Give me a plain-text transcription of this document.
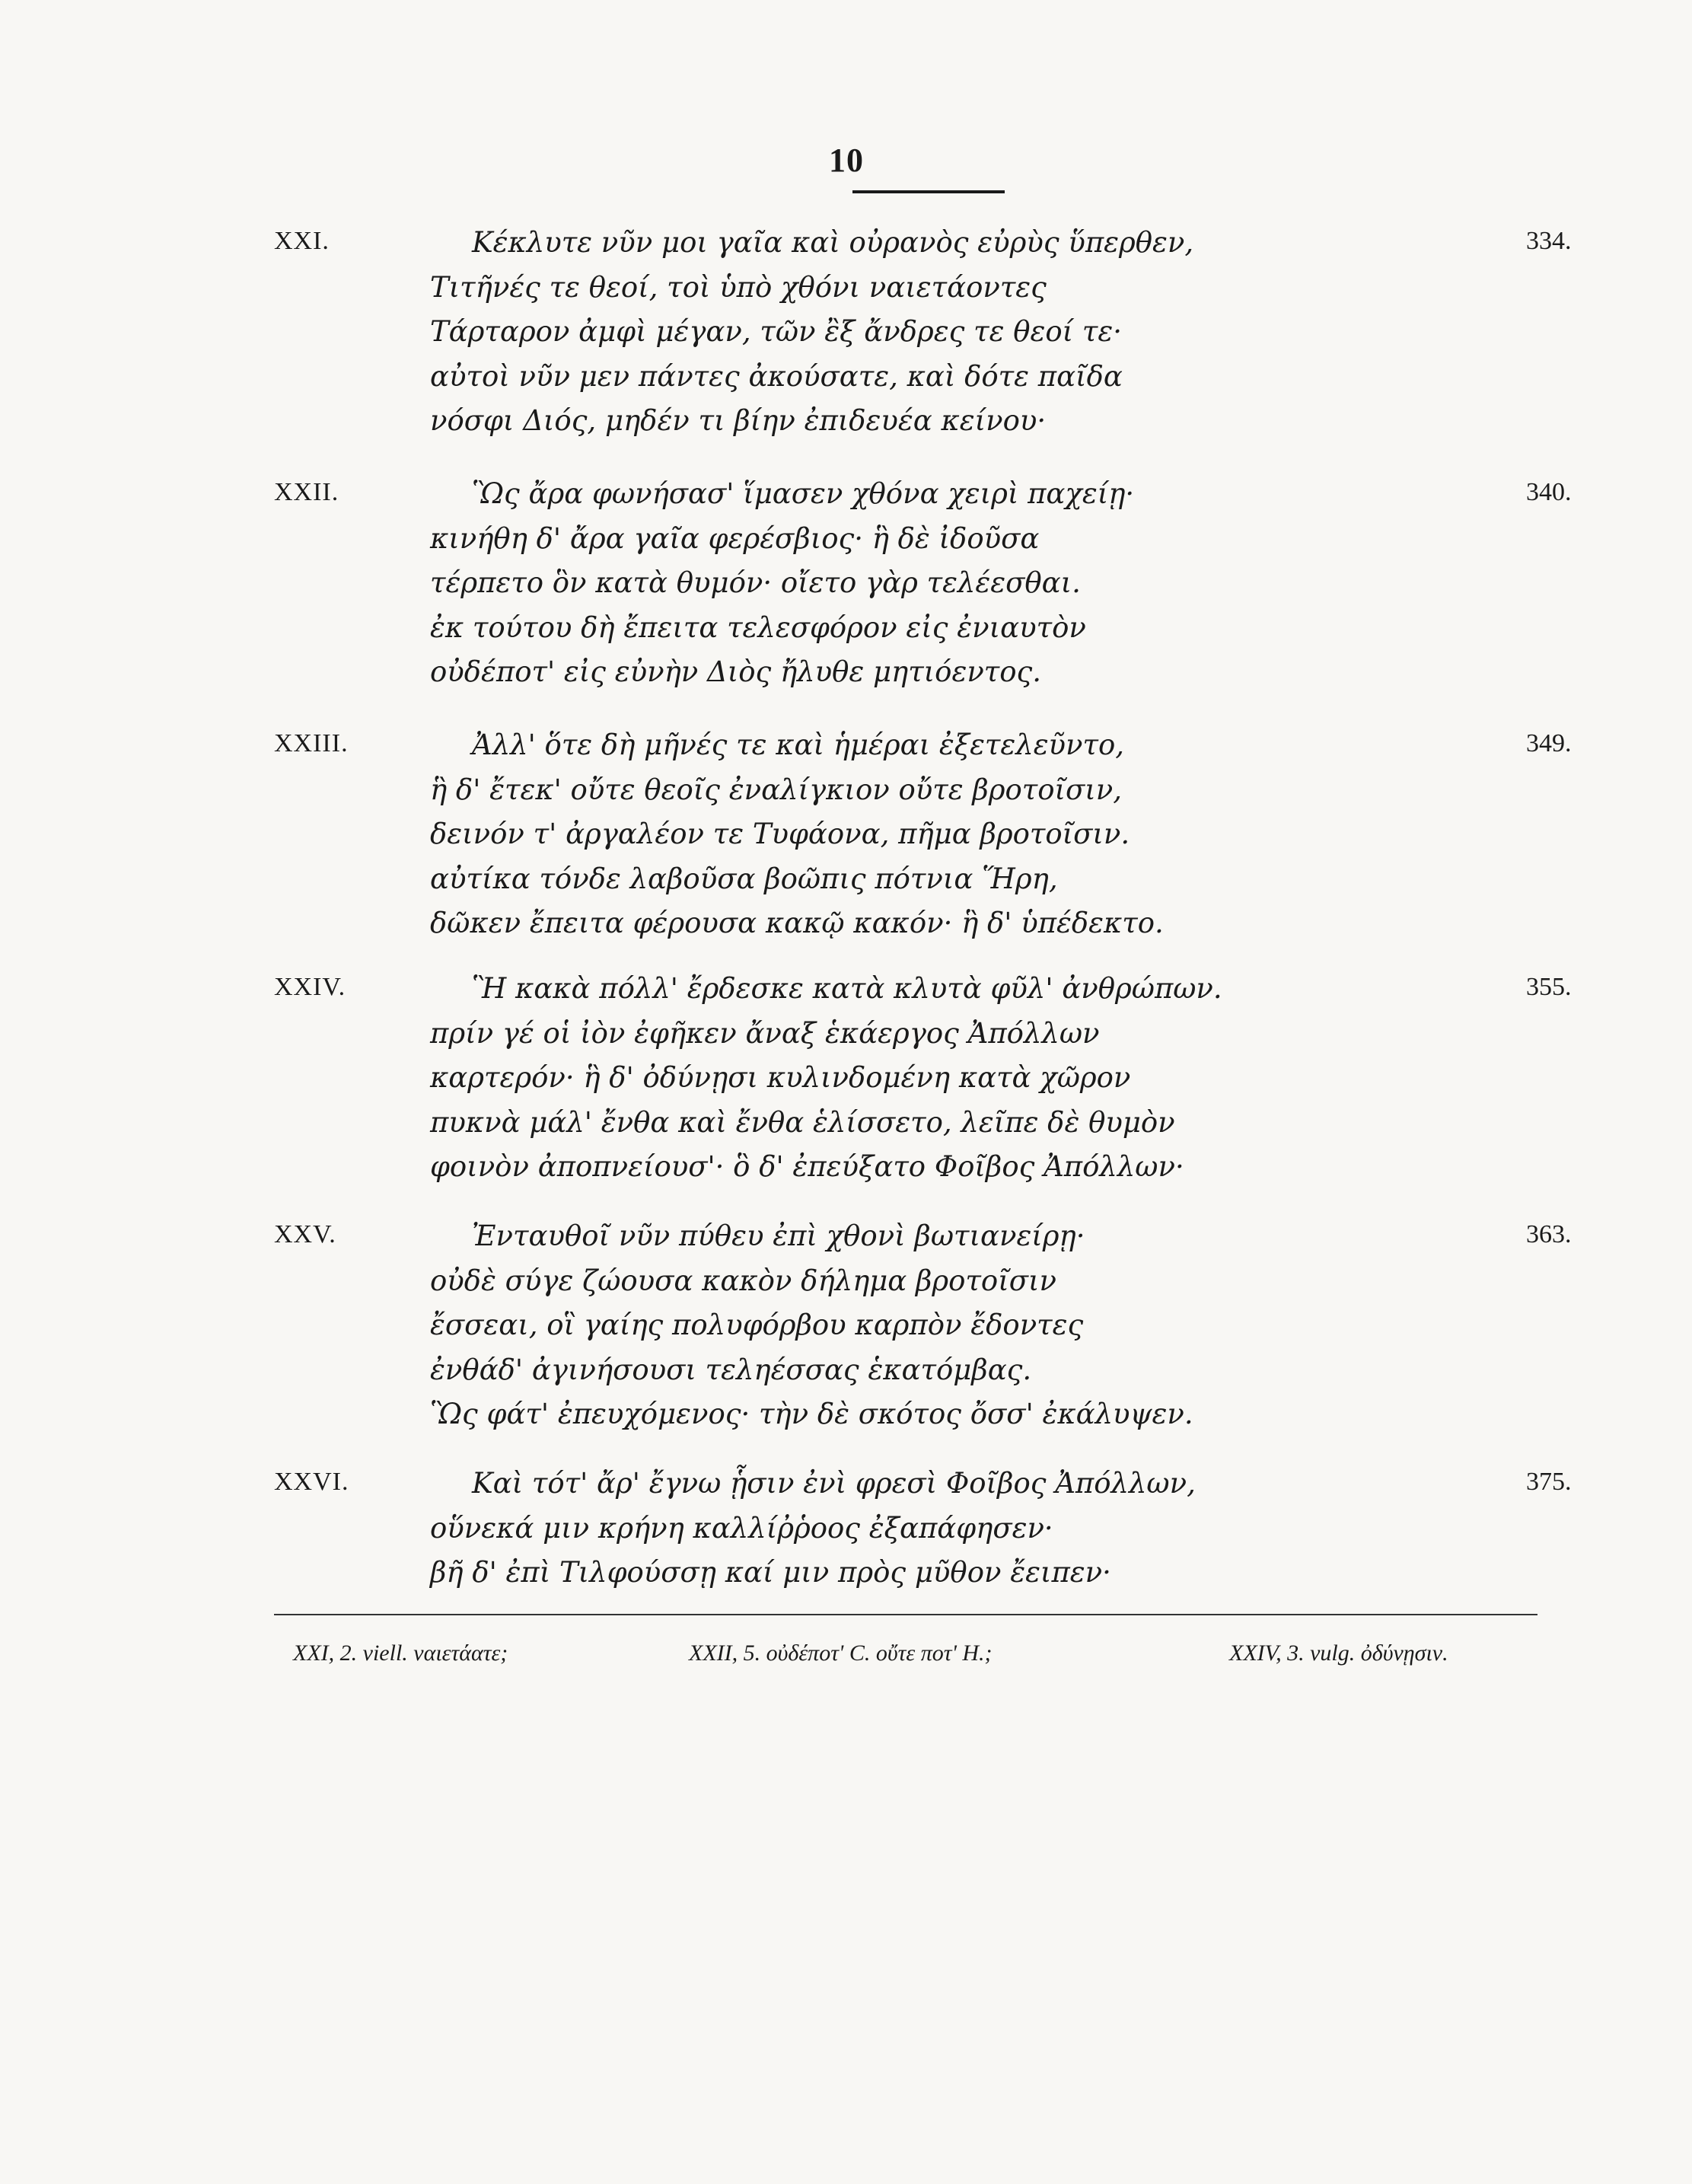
10
XXI.	334.
Κέκλυτε νῦν μοι γαῖα καὶ οὐρανὸς εὐρὺς ὕπερθεν,
Τιτῆνές τε θεοί, τοὶ ὑπὸ χθόνι ναιετάοντες
Τάρταρον ἀμφὶ μέγαν, τῶν ἒξ ἄνδρες τε θεοί τε·
αὐτοὶ νῦν μεν πάντες ἀκούσατε, καὶ δότε παῖδα
νόσφι Διός, μηδέν τι βίην ἐπιδευέα κείνου·
XXII.	340.
Ὣς ἄρα φωνήσασ' ἵμασεν χθόνα χειρὶ παχείῃ·
κινήθη δ' ἄρα γαῖα φερέσβιος· ἣ δὲ ἰδοῦσα
τέρπετο ὃν κατὰ θυμόν· οἴετο γὰρ τελέεσθαι.
ἐκ τούτου δὴ ἔπειτα τελεσφόρον εἰς ἐνιαυτὸν
οὐδέποτ' εἰς εὐνὴν Διὸς ἤλυθε μητιόεντος.
XXIII.	349.
Ἀλλ' ὅτε δὴ μῆνές τε καὶ ἡμέραι ἐξετελεῦντο,
ἣ δ' ἔτεκ' οὔτε θεοῖς ἐναλίγκιον οὔτε βροτοῖσιν,
δεινόν τ' ἀργαλέον τε Τυφάονα, πῆμα βροτοῖσιν.
αὐτίκα τόνδε λαβοῦσα βοῶπις πότνια Ἥρη,
δῶκεν ἔπειτα φέρουσα κακῷ κακόν· ἣ δ' ὑπέδεκτο.
XXIV.	355.
Ἣ κακὰ πόλλ' ἔρδεσκε κατὰ κλυτὰ φῦλ' ἀνθρώπων.
πρίν γέ οἱ ἰὸν ἐφῆκεν ἄναξ ἑκάεργος Ἀπόλλων
καρτερόν· ἣ δ' ὀδύνῃσι κυλινδομένη κατὰ χῶρον
πυκνὰ μάλ' ἔνθα καὶ ἔνθα ἑλίσσετο, λεῖπε δὲ θυμὸν
φοινὸν ἀποπνείουσ'· ὃ δ' ἐπεύξατο Φοῖβος Ἀπόλλων·
XXV.	363.
Ἐνταυθοῖ νῦν πύθευ ἐπὶ χθονὶ βωτιανείρῃ·
οὐδὲ σύγε ζώουσα κακὸν δήλημα βροτοῖσιν
ἔσσεαι, οἳ γαίης πολυφόρβου καρπὸν ἔδοντες
ἐνθάδ' ἀγινήσουσι τεληέσσας ἑκατόμβας.
Ὣς φάτ' ἐπευχόμενος· τὴν δὲ σκότος ὄσσ' ἐκάλυψεν.
XXVI.	375.
Καὶ τότ' ἄρ' ἔγνω ᾗσιν ἐνὶ φρεσὶ Φοῖβος Ἀπόλλων,
οὕνεκά μιν κρήνη καλλίῤῥοος ἐξαπάφησεν·
βῆ δ' ἐπὶ Τιλφούσσῃ καί μιν πρὸς μῦθον ἔειπεν·
XXI, 2. viell. ναιετάατε;	XXII, 5. οὐδέποτ' C. οὔτε ποτ' H.;	XXIV, 3. vulg. ὀδύνῃσιν.
